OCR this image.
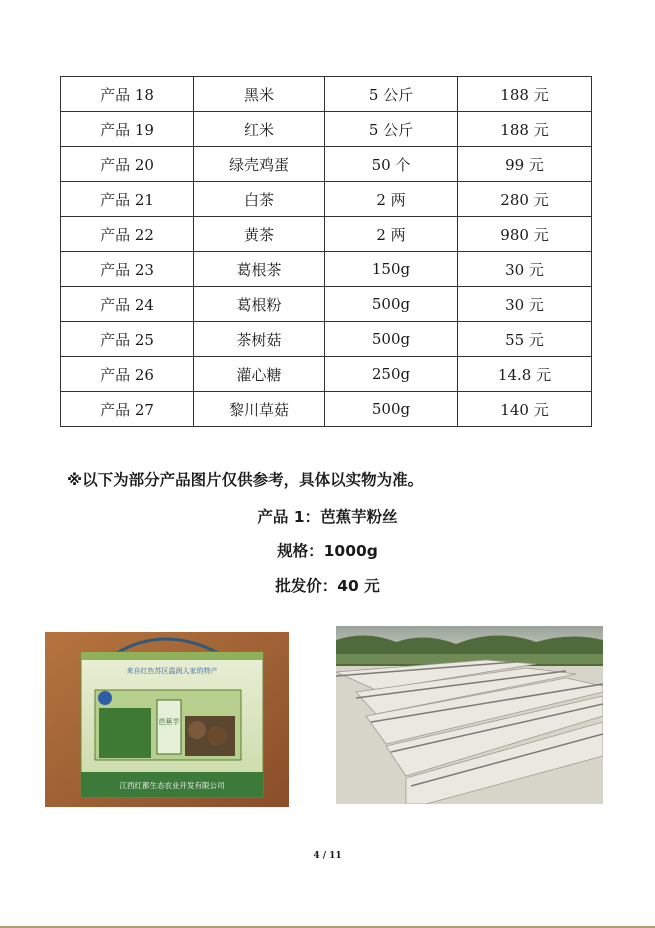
产品 18	黑米	5 公斤	188 元
产品 19	红米	5 公斤	188 元
产品 20	绿壳鸡蛋	50 个	99 元
产品 21	白茶	2 两	280 元
产品 22	黄茶	2 两	980 元
产品 23	葛根茶	150g	30 元
产品 24	葛根粉	500g	30 元
产品 25	茶树菇	500g	55 元
产品 26	灌心糖	250g	14.8 元
产品 27	黎川草菇	500g	140 元
※以下为部分产品图片仅供参考，具体以实物为准。
产品 1：芭蕉芋粉丝
规格：1000g
批发价：40 元
来自红色苏区温润人家的特产
芭蕉芋
江西红都生态农业开发有限公司
4 / 11
